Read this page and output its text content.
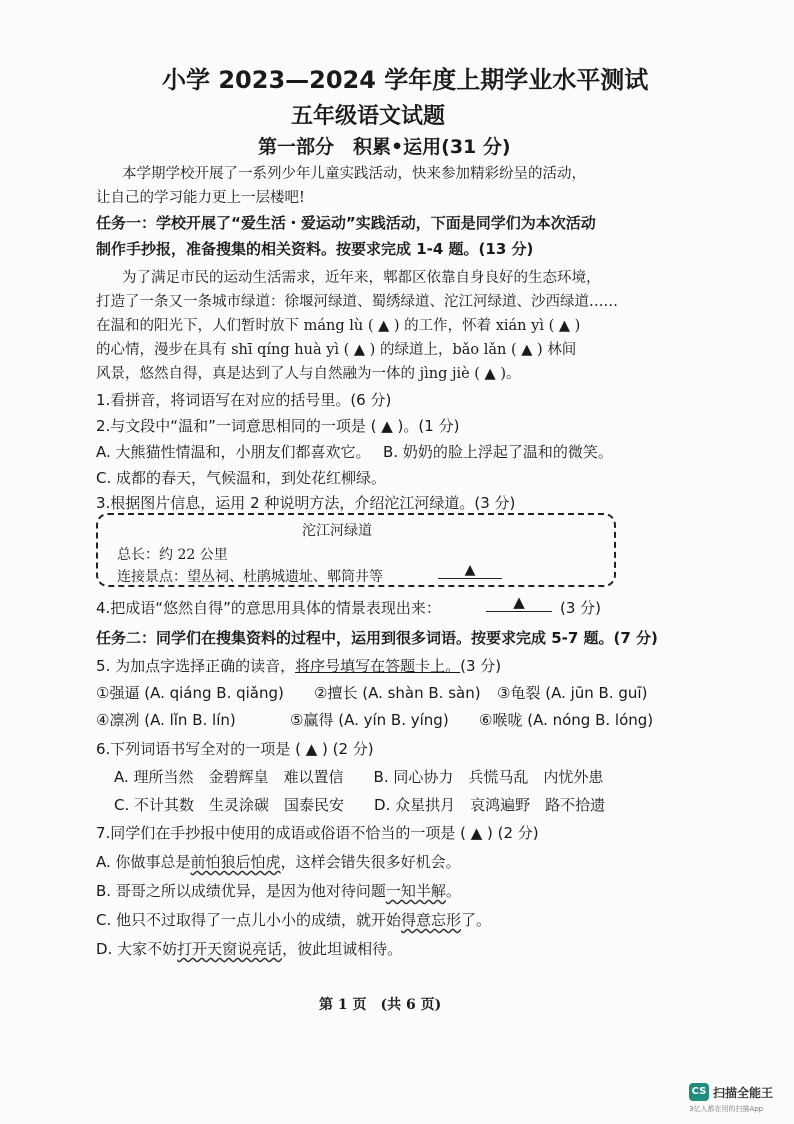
小学 2023—2024 学年度上期学业水平测试
五年级语文试题
第一部分　积累•运用(31 分)
本学期学校开展了一系列少年儿童实践活动，快来参加精彩纷呈的活动，
让自己的学习能力更上一层楼吧!
任务一：学校开展了“爱生活・爱运动”实践活动，下面是同学们为本次活动
制作手抄报，准备搜集的相关资料。按要求完成 1-4 题。(13 分)
为了满足市民的运动生活需求，近年来，郫都区依靠自身良好的生态环境，
打造了一条又一条城市绿道：徐堰河绿道、蜀绣绿道、沱江河绿道、沙西绿道……
在温和的阳光下，人们暂时放下 máng lù ( ▲ ) 的工作，怀着 xián yì ( ▲ )
的心情，漫步在具有 shī qíng huà yì ( ▲ ) 的绿道上，bǎo lǎn ( ▲ ) 林间
风景，悠然自得，真是达到了人与自然融为一体的 jìng jiè ( ▲ )。
1.看拼音，将词语写在对应的括号里。(6 分)
2.与文段中“温和”一词意思相同的一项是 ( ▲ )。(1 分)
A. 大熊猫性情温和，小朋友们都喜欢它。 B. 奶奶的脸上浮起了温和的微笑。
C. 成都的春天，气候温和，到处花红柳绿。
3.根据图片信息，运用 2 种说明方法，介绍沱江河绿道。(3 分)
沱江河绿道
总长：约 22 公里
连接景点：望丛祠、杜鹃城遗址、郫筒井等	▲
4.把成语“悠然自得”的意思用具体的情景表现出来：	▲	(3 分)
任务二：同学们在搜集资料的过程中，运用到很多词语。按要求完成 5-7 题。(7 分)
5. 为加点字选择正确的读音，将序号填写在答题卡上。(3 分)
①强逼 (A. qiáng B. qiǎng) ②擅长 (A. shàn B. sàn) ③龟裂 (A. jūn B. guī)
④凛冽 (A. lǐn B. lín)	⑤赢得 (A. yín B. yíng) ⑥喉咙 (A. nóng B. lóng)
6.下列词语书写全对的一项是 ( ▲ ) (2 分)
A. 理所当然　金碧辉皇　难以置信　　B. 同心协力　兵慌马乱　内忧外患
C. 不计其数　生灵涂碳　国泰民安　　D. 众星拱月　哀鸿遍野　路不拾遗
7.同学们在手抄报中使用的成语或俗语不恰当的一项是 ( ▲ ) (2 分)
A. 你做事总是前怕狼后怕虎，这样会错失很多好机会。
B. 哥哥之所以成绩优异，是因为他对待问题一知半解。
C. 他只不过取得了一点儿小小的成绩，就开始得意忘形了。
D. 大家不妨打开天窗说亮话，彼此坦诚相待。
第 1 页　(共 6 页)
CS 扫描全能王
3亿人都在用的扫描App
